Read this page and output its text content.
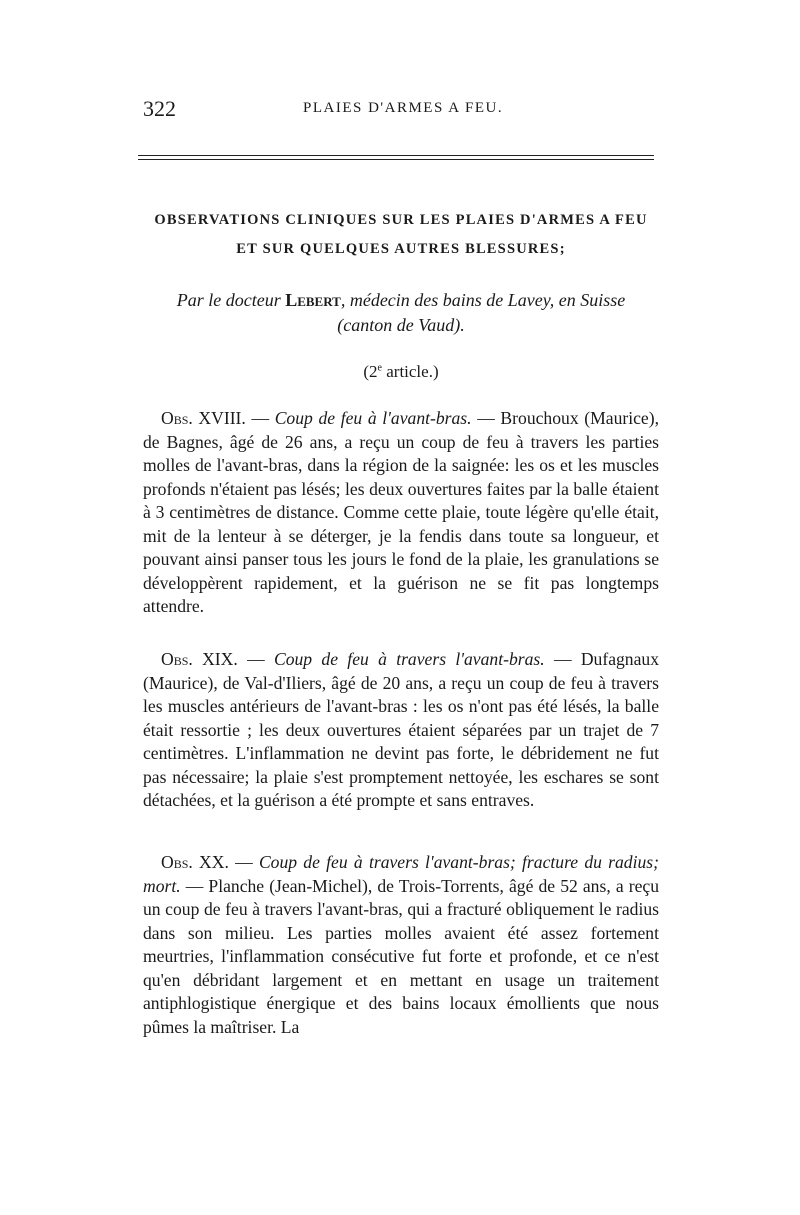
322	PLAIES D'ARMES A FEU.
OBSERVATIONS CLINIQUES SUR LES PLAIES D'ARMES A FEU
ET SUR QUELQUES AUTRES BLESSURES;
Par le docteur Lebert, médecin des bains de Lavey, en Suisse
(canton de Vaud).
(2e article.)

Obs. XVIII. — Coup de feu à l'avant-bras. — Brouchoux (Maurice), de Bagnes, âgé de 26 ans, a reçu un coup de feu à travers les parties molles de l'avant-bras, dans la région de la saignée: les os et les muscles profonds n'étaient pas lésés; les deux ouvertures faites par la balle étaient à 3 centimètres de distance. Comme cette plaie, toute légère qu'elle était, mit de la lenteur à se déterger, je la fendis dans toute sa longueur, et pouvant ainsi panser tous les jours le fond de la plaie, les granulations se développèrent rapidement, et la guérison ne se fit pas longtemps attendre.

Obs. XIX. — Coup de feu à travers l'avant-bras. — Dufagnaux (Maurice), de Val-d'Iliers, âgé de 20 ans, a reçu un coup de feu à travers les muscles antérieurs de l'avant-bras : les os n'ont pas été lésés, la balle était ressortie ; les deux ouvertures étaient séparées par un trajet de 7 centimètres. L'inflammation ne devint pas forte, le débridement ne fut pas nécessaire; la plaie s'est promptement nettoyée, les eschares se sont détachées, et la guérison a été prompte et sans entraves.

Obs. XX. — Coup de feu à travers l'avant-bras; fracture du radius; mort. — Planche (Jean-Michel), de Trois-Torrents, âgé de 52 ans, a reçu un coup de feu à travers l'avant-bras, qui a fracturé obliquement le radius dans son milieu. Les parties molles avaient été assez fortement meurtries, l'inflammation consécutive fut forte et profonde, et ce n'est qu'en débridant largement et en mettant en usage un traitement antiphlogistique énergique et des bains locaux émollients que nous pûmes la maîtriser. La
